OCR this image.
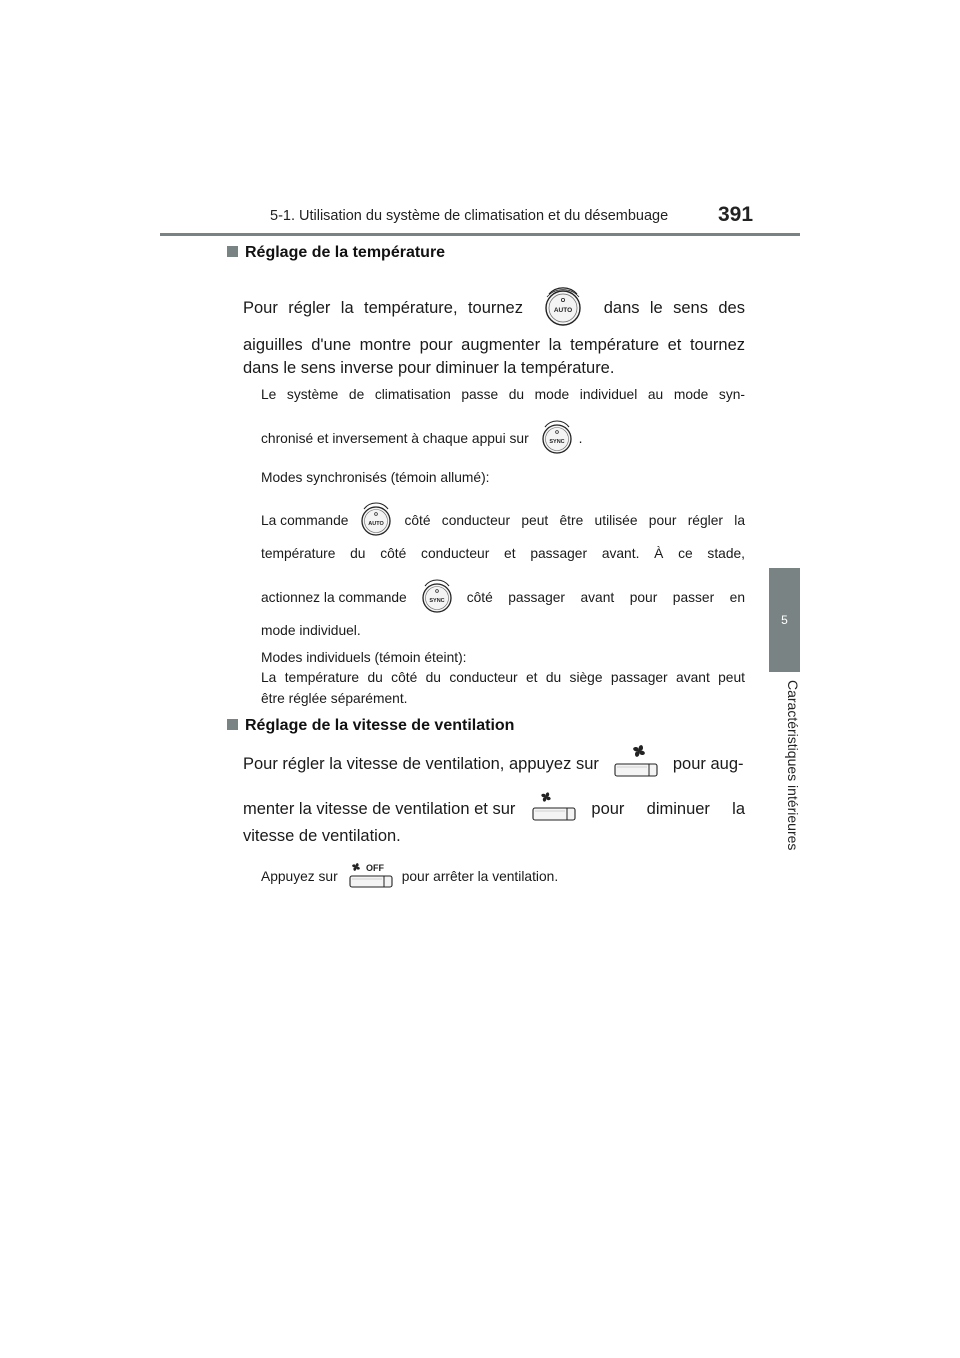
5-1. Utilisation du système de climatisation et du désembuage 391
5
Caractéristiques intérieures
Réglage de la température
Pour régler la température, tournez	AUTO dans le sens des
aiguilles d'une montre pour augmenter la température et tournez
dans le sens inverse pour diminuer la température.
Le système de climatisation passe du mode individuel au mode syn-
chronisé et inversement à chaque appui sur	SYNC .
Modes synchronisés (témoin allumé):
La commande	AUTO côté conducteur peut être utilisée pour régler la
température du côté conducteur et passager avant. À ce stade,
actionnez la commande	SYNC côté passager avant pour passer en
mode individuel.
Modes individuels (témoin éteint):
La température du côté du conducteur et du siège passager avant peut
être réglée séparément.
Réglage de la vitesse de ventilation
Pour régler la vitesse de ventilation, appuyez sur	pour aug-
menter la vitesse de ventilation et sur	pour diminuer la
vitesse de ventilation.
Appuyez sur
OFF
pour arrêter la ventilation.
